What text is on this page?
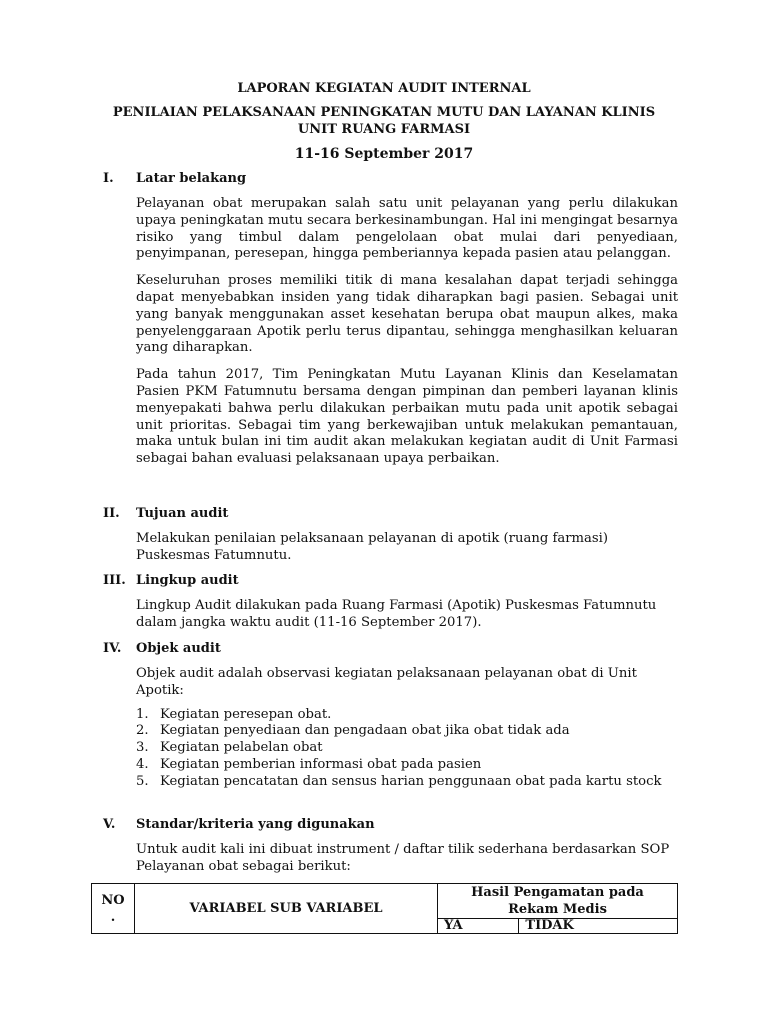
LAPORAN KEGIATAN AUDIT INTERNAL

PENILAIAN PELAKSANAAN PENINGKATAN MUTU DAN LAYANAN KLINIS
UNIT RUANG FARMASI

11-16 September 2017

I.	Latar belakang

Pelayanan obat merupakan salah satu unit pelayanan yang perlu dilakukan upaya peningkatan mutu secara berkesinambungan. Hal ini mengingat besarnya risiko yang timbul dalam pengelolaan obat mulai dari penyediaan, penyimpanan, peresepan, hingga pemberiannya kepada pasien atau pelanggan.

Keseluruhan proses memiliki titik di mana kesalahan dapat terjadi sehingga dapat menyebabkan insiden yang tidak diharapkan bagi pasien. Sebagai unit yang banyak menggunakan asset kesehatan berupa obat maupun alkes, maka penyelenggaraan Apotik perlu terus dipantau, sehingga menghasilkan keluaran yang diharapkan.

Pada tahun 2017, Tim Peningkatan Mutu Layanan Klinis dan Keselamatan Pasien PKM Fatumnutu bersama dengan pimpinan dan pemberi layanan klinis menyepakati bahwa perlu dilakukan perbaikan mutu pada unit apotik sebagai unit prioritas. Sebagai tim yang berkewajiban untuk melakukan pemantauan, maka untuk bulan ini tim audit akan melakukan kegiatan audit di Unit Farmasi sebagai bahan evaluasi pelaksanaan upaya perbaikan.

II.	Tujuan audit

Melakukan penilaian pelaksanaan pelayanan di apotik (ruang farmasi) Puskesmas Fatumnutu.

III. Lingkup audit

Lingkup Audit dilakukan pada Ruang Farmasi (Apotik) Puskesmas Fatumnutu dalam jangka waktu audit (11-16 September 2017).

IV.	Objek audit

Objek audit adalah observasi kegiatan pelaksanaan pelayanan obat di Unit Apotik:

1. Kegiatan peresepan obat.
2. Kegiatan penyediaan dan pengadaan obat jika obat tidak ada
3. Kegiatan pelabelan obat
4. Kegiatan pemberian informasi obat pada pasien
5. Kegiatan pencatatan dan sensus harian penggunaan obat pada kartu stock
V.	Standar/kriteria yang digunakan

Untuk audit kali ini dibuat instrument / daftar tilik sederhana berdasarkan SOP Pelayanan obat sebagai berikut:

NO
.	VARIABEL SUB VARIABEL	Hasil Pengamatan pada
Rekam Medis	
		YA	TIDAK
